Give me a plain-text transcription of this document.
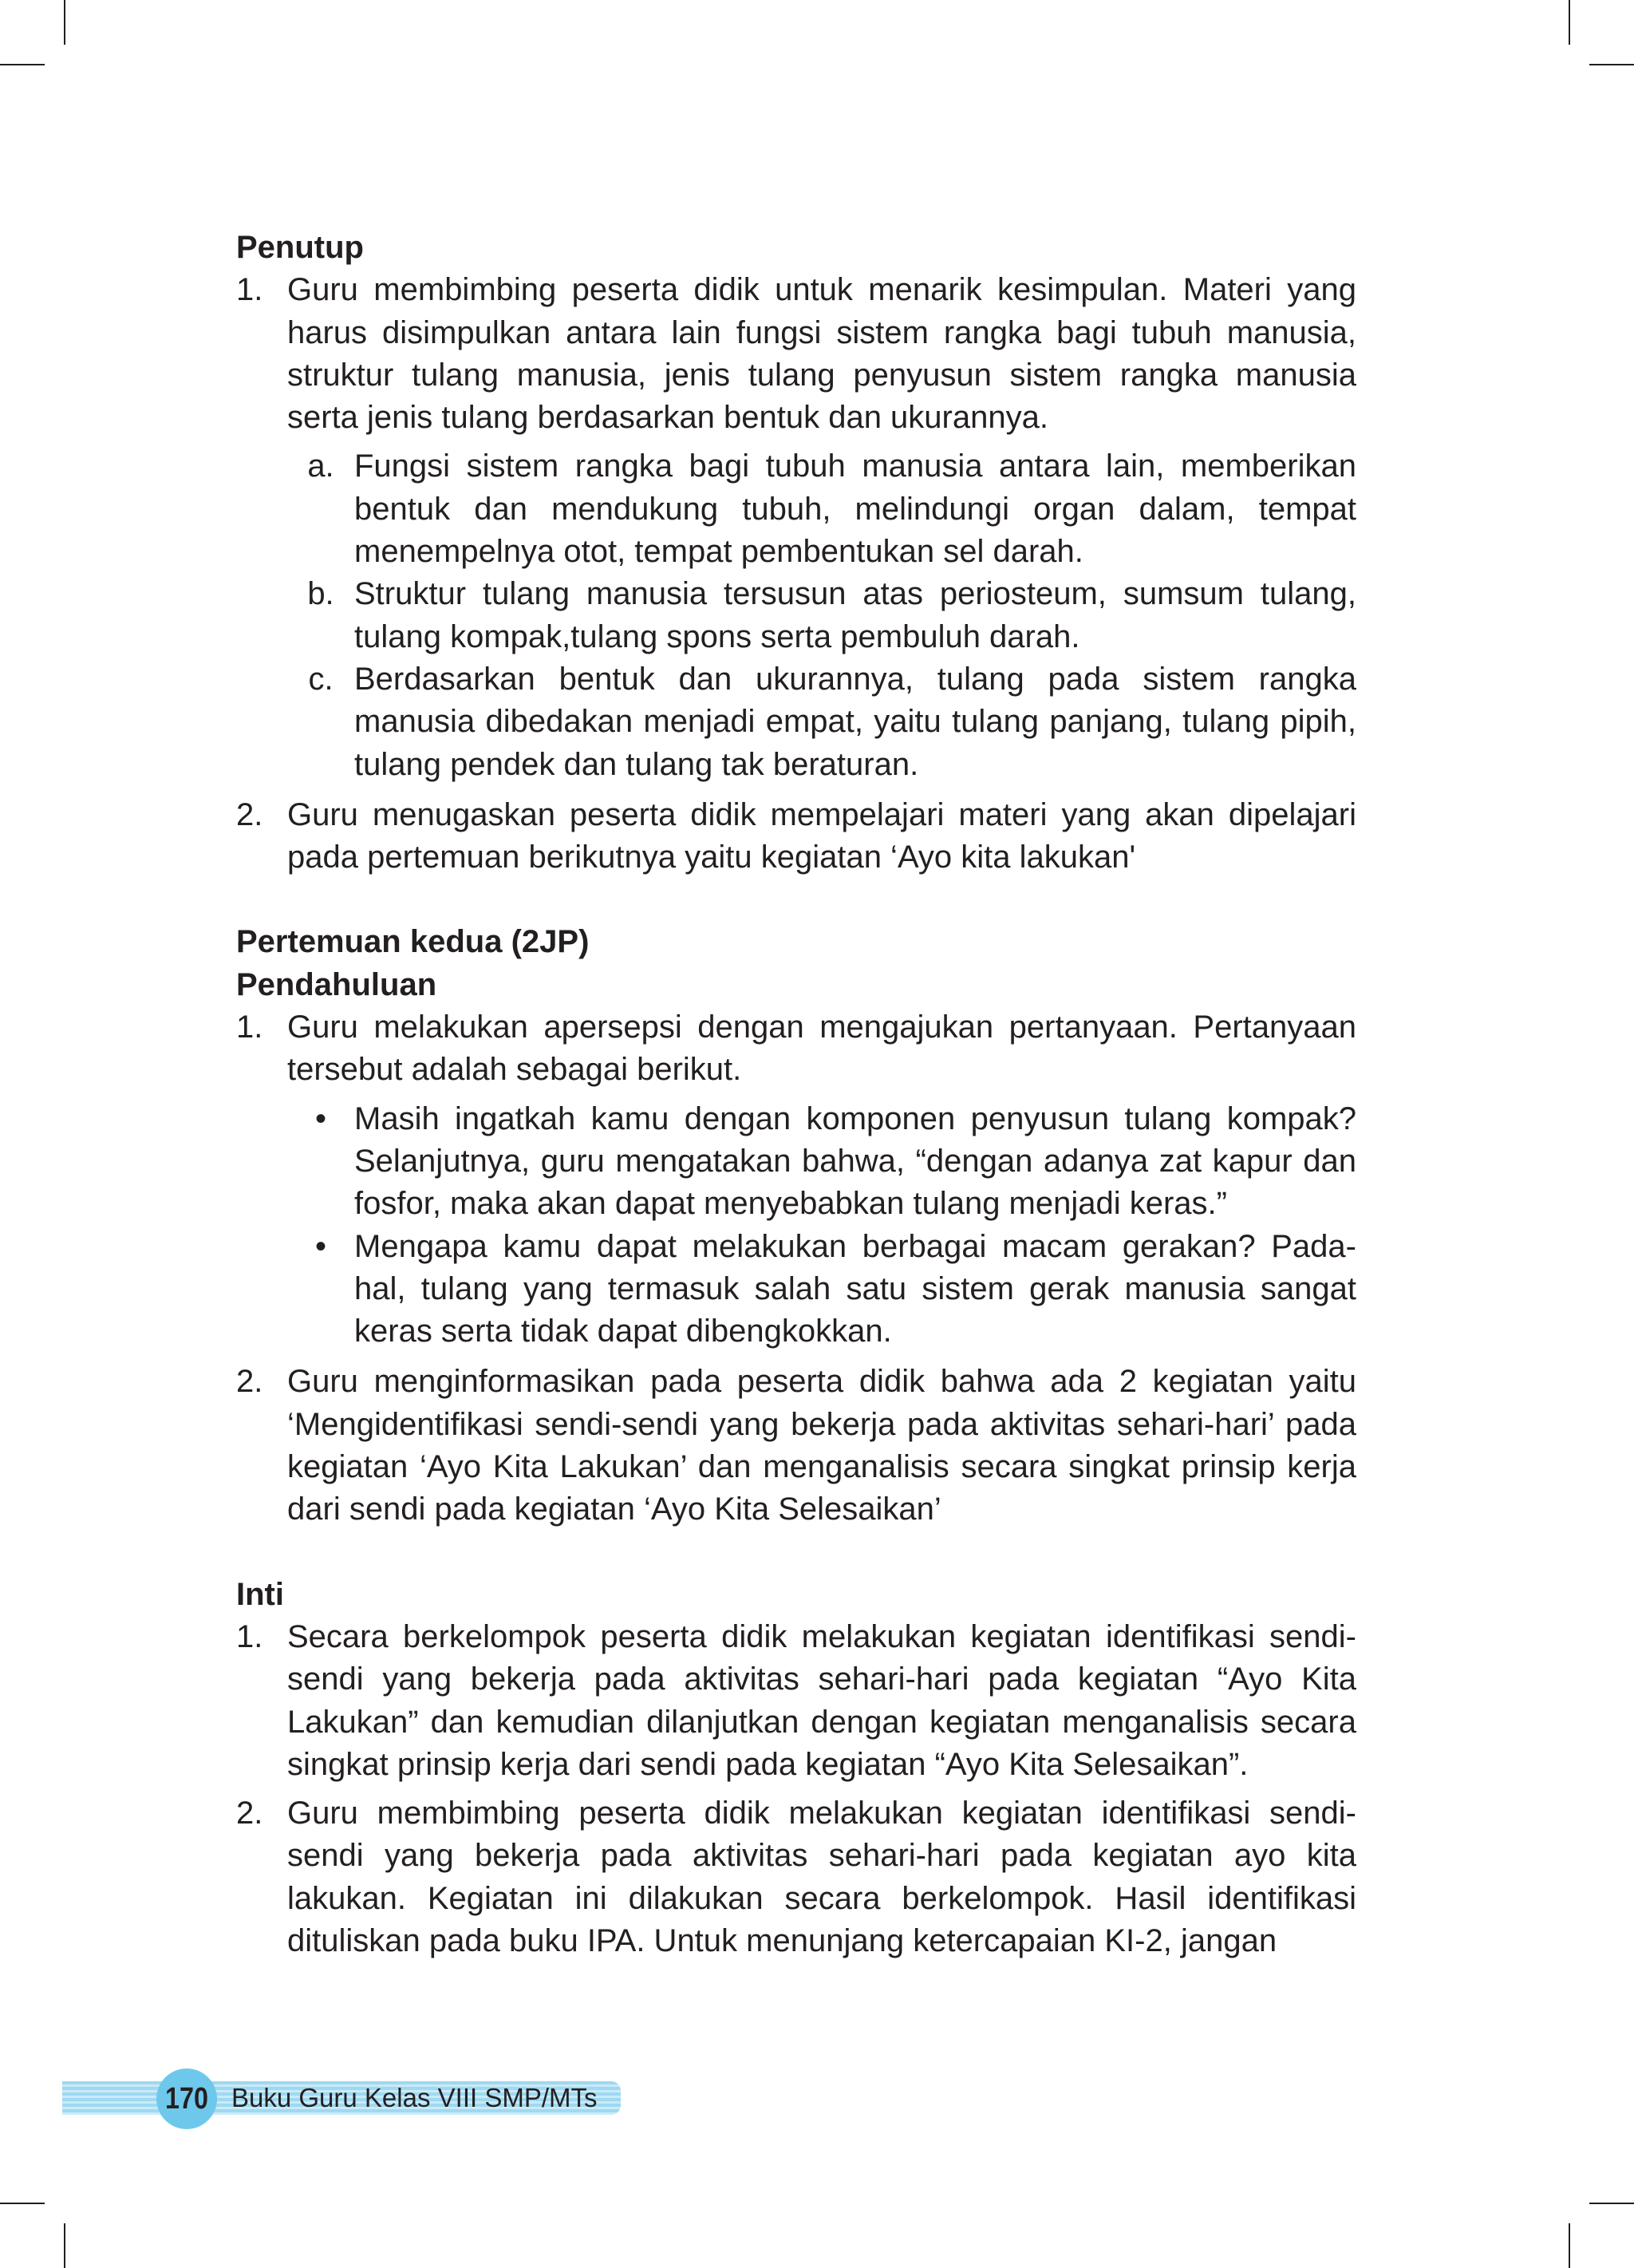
Penutup

1. Guru membimbing peserta didik untuk menarik kesimpulan. Materi yang harus disimpulkan antara lain fungsi sistem rangka bagi tubuh manusia, struktur tulang manusia, jenis tulang penyusun sistem rangka manusia serta jenis tulang berdasarkan bentuk dan ukurannya.
a. Fungsi sistem rangka bagi tubuh manusia antara lain, memberikan bentuk dan mendukung tubuh, melindungi organ dalam, tempat menempelnya otot, tempat pembentukan sel darah.
b. Struktur tulang manusia tersusun atas periosteum, sumsum tulang, tulang kompak,tulang spons serta pembuluh darah.
c. Berdasarkan bentuk dan ukurannya, tulang pada sistem rangka manusia dibedakan menjadi empat, yaitu tulang panjang, tulang pipih, tulang pendek dan tulang tak beraturan.
2. Guru menugaskan peserta didik mempelajari materi yang akan dipelajari pada pertemuan berikutnya yaitu kegiatan ‘Ayo kita lakukan'

Pertemuan kedua (2JP)

Pendahuluan

1. Guru melakukan apersepsi dengan mengajukan pertanyaan. Pertanyaan tersebut adalah sebagai berikut.
• Masih ingatkah kamu dengan komponen penyusun tulang kompak? Selanjutnya, guru mengatakan bahwa, “dengan adanya zat kapur dan fosfor, maka akan dapat menyebabkan tulang menjadi keras.”
• Mengapa kamu dapat melakukan berbagai macam gerakan? Pada- hal, tulang yang termasuk salah satu sistem gerak manusia sangat keras serta tidak dapat dibengkokkan.
2. Guru menginformasikan pada peserta didik bahwa ada 2 kegiatan yaitu ‘Mengidentifikasi sendi-sendi yang bekerja pada aktivitas sehari-hari’ pada kegiatan ‘Ayo Kita Lakukan’ dan menganalisis secara singkat prinsip kerja dari sendi pada kegiatan ‘Ayo Kita Selesaikan’

Inti

1. Secara berkelompok peserta didik melakukan kegiatan identifikasi sendi- sendi yang bekerja pada aktivitas sehari-hari pada kegiatan “Ayo Kita Lakukan” dan kemudian dilanjutkan dengan kegiatan menganalisis secara singkat prinsip kerja dari sendi pada kegiatan “Ayo Kita Selesaikan”.
2. Guru membimbing peserta didik melakukan kegiatan identifikasi sendi- sendi yang bekerja pada aktivitas sehari-hari pada kegiatan ayo kita lakukan. Kegiatan ini dilakukan secara berkelompok. Hasil identifikasi dituliskan pada buku IPA. Untuk menunjang ketercapaian KI-2, jangan
170 Buku Guru Kelas VIII SMP/MTs
